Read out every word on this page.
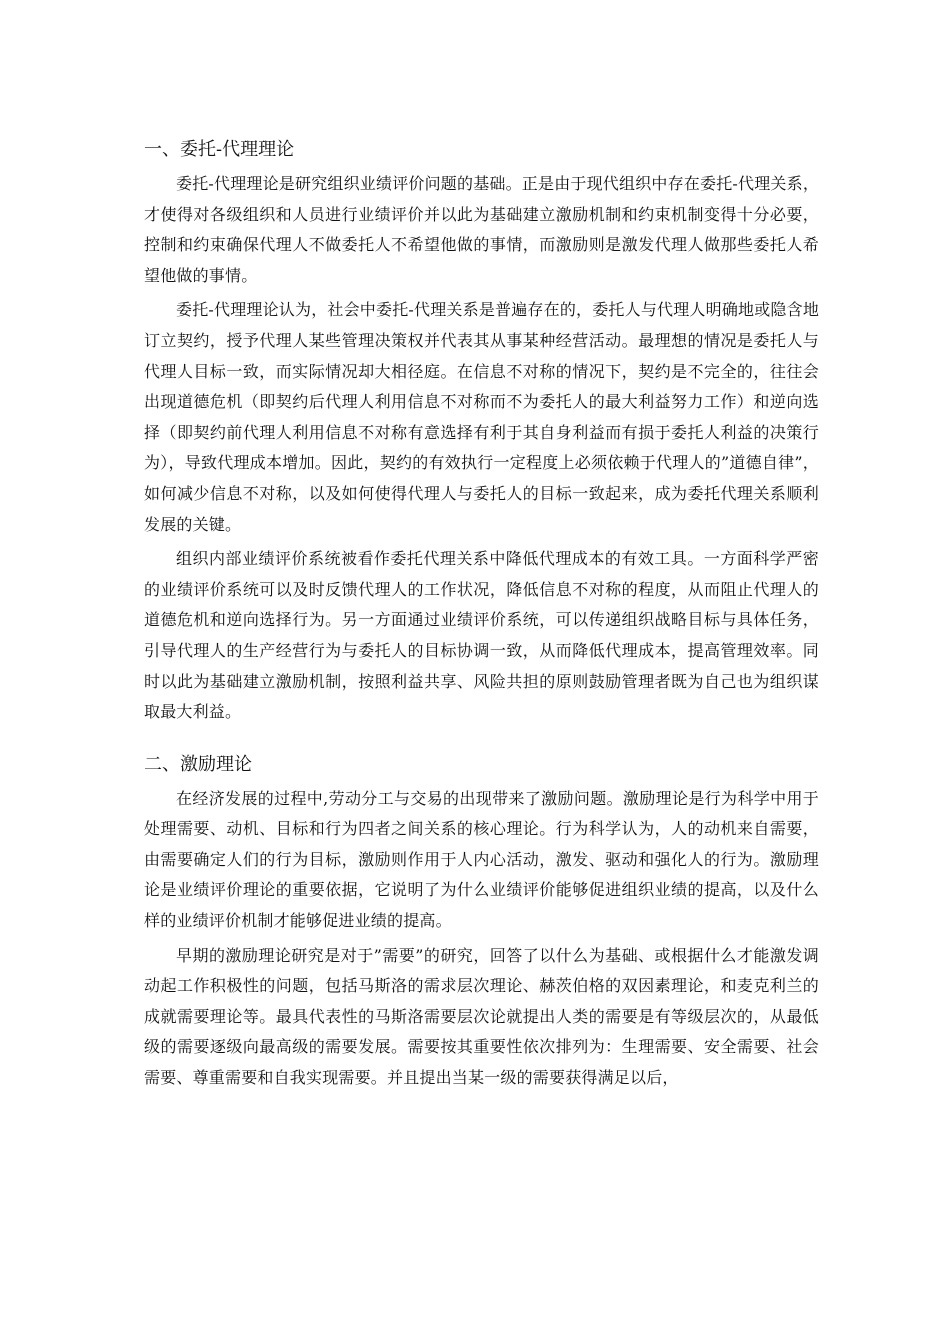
一、委托-代理理论

委托-代理理论是研究组织业绩评价问题的基础。正是由于现代组织中存在委托-代理关系，才使得对各级组织和人员进行业绩评价并以此为基础建立激励机制和约束机制变得十分必要，控制和约束确保代理人不做委托人不希望他做的事情，而激励则是激发代理人做那些委托人希望他做的事情。

委托-代理理论认为，社会中委托-代理关系是普遍存在的，委托人与代理人明确地或隐含地订立契约，授予代理人某些管理决策权并代表其从事某种经营活动。最理想的情况是委托人与代理人目标一致，而实际情况却大相径庭。在信息不对称的情况下，契约是不完全的，往往会出现道德危机（即契约后代理人利用信息不对称而不为委托人的最大利益努力工作）和逆向选择（即契约前代理人利用信息不对称有意选择有利于其自身利益而有损于委托人利益的决策行为），导致代理成本增加。因此，契约的有效执行一定程度上必须依赖于代理人的”道德自律”，如何减少信息不对称，以及如何使得代理人与委托人的目标一致起来，成为委托代理关系顺利发展的关键。

组织内部业绩评价系统被看作委托代理关系中降低代理成本的有效工具。一方面科学严密的业绩评价系统可以及时反馈代理人的工作状况，降低信息不对称的程度，从而阻止代理人的道德危机和逆向选择行为。另一方面通过业绩评价系统，可以传递组织战略目标与具体任务，引导代理人的生产经营行为与委托人的目标协调一致，从而降低代理成本，提高管理效率。同时以此为基础建立激励机制，按照利益共享、风险共担的原则鼓励管理者既为自己也为组织谋取最大利益。

二、激励理论

在经济发展的过程中,劳动分工与交易的出现带来了激励问题。激励理论是行为科学中用于处理需要、动机、目标和行为四者之间关系的核心理论。行为科学认为，人的动机来自需要，由需要确定人们的行为目标，激励则作用于人内心活动，激发、驱动和强化人的行为。激励理论是业绩评价理论的重要依据，它说明了为什么业绩评价能够促进组织业绩的提高，以及什么样的业绩评价机制才能够促进业绩的提高。

早期的激励理论研究是对于”需要”的研究，回答了以什么为基础、或根据什么才能激发调动起工作积极性的问题，包括马斯洛的需求层次理论、赫茨伯格的双因素理论，和麦克利兰的成就需要理论等。最具代表性的马斯洛需要层次论就提出人类的需要是有等级层次的，从最低级的需要逐级向最高级的需要发展。需要按其重要性依次排列为：生理需要、安全需要、社会需要、尊重需要和自我实现需要。并且提出当某一级的需要获得满足以后，
